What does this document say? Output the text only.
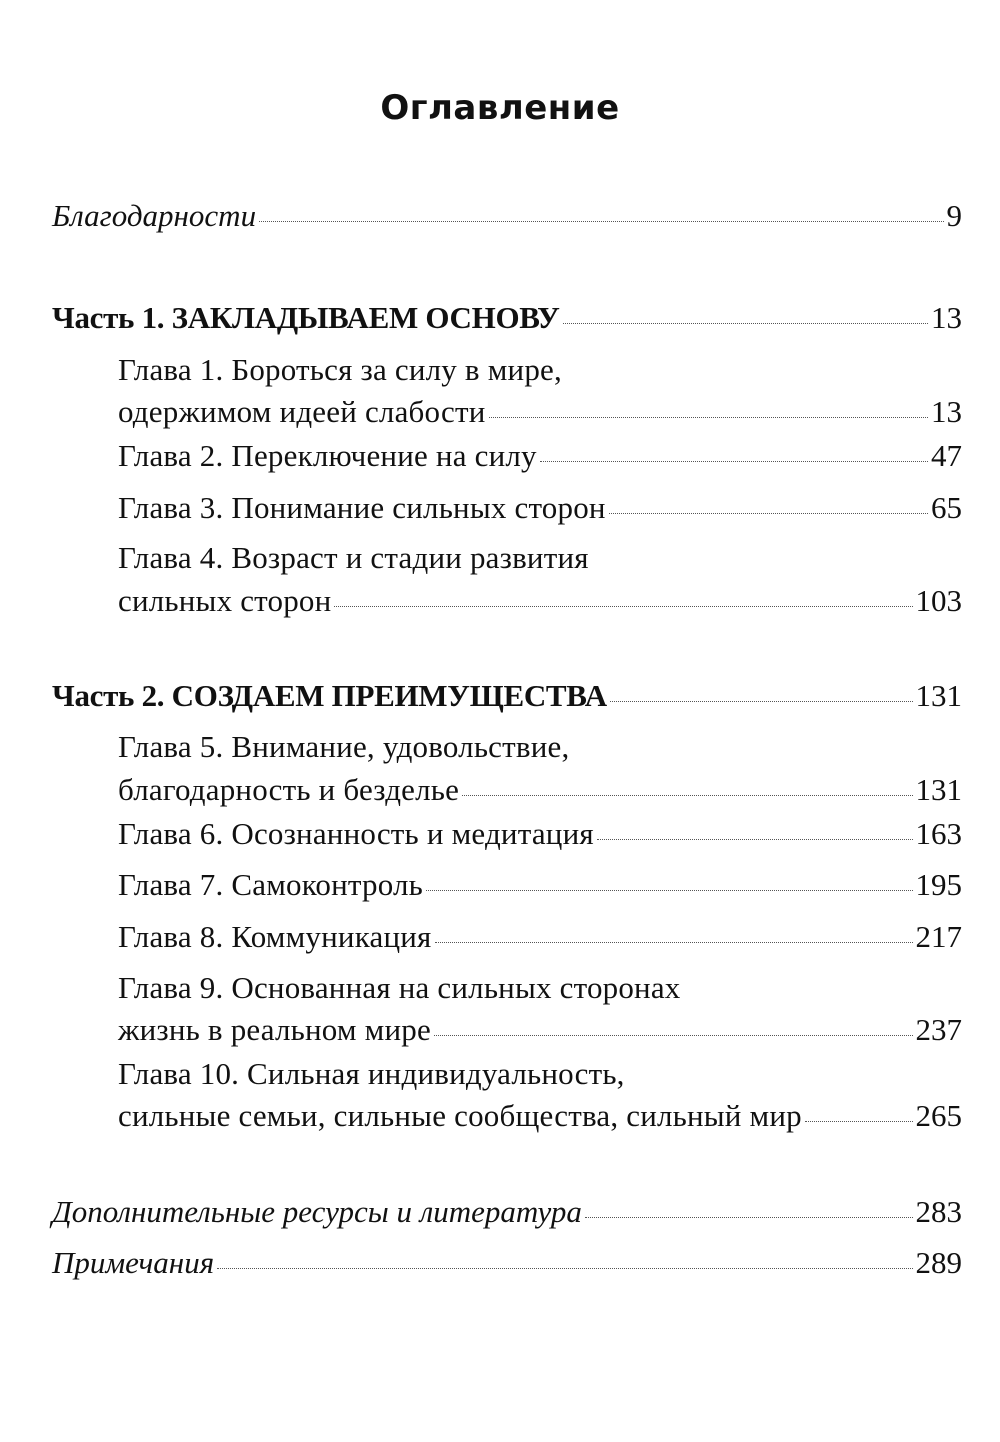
Оглавление
Благодарности	9
Часть 1. ЗАКЛАДЫВАЕМ ОСНОВУ	13
Глава 1. Бороться за силу в мире,
одержимом идеей слабости	13
Глава 2. Переключение на силу	47
Глава 3. Понимание сильных сторон	65
Глава 4. Возраст и стадии развития
сильных сторон	103
Часть 2. СОЗДАЕМ ПРЕИМУЩЕСТВА	131
Глава 5. Внимание, удовольствие,
благодарность и безделье	131
Глава 6. Осознанность и медитация	163
Глава 7. Самоконтроль	195
Глава 8. Коммуникация	217
Глава 9. Основанная на сильных сторонах
жизнь в реальном мире	237
Глава 10. Сильная индивидуальность,
сильные семьи, сильные сообщества, сильный мир	265
Дополнительные ресурсы и литература	283
Примечания	289
